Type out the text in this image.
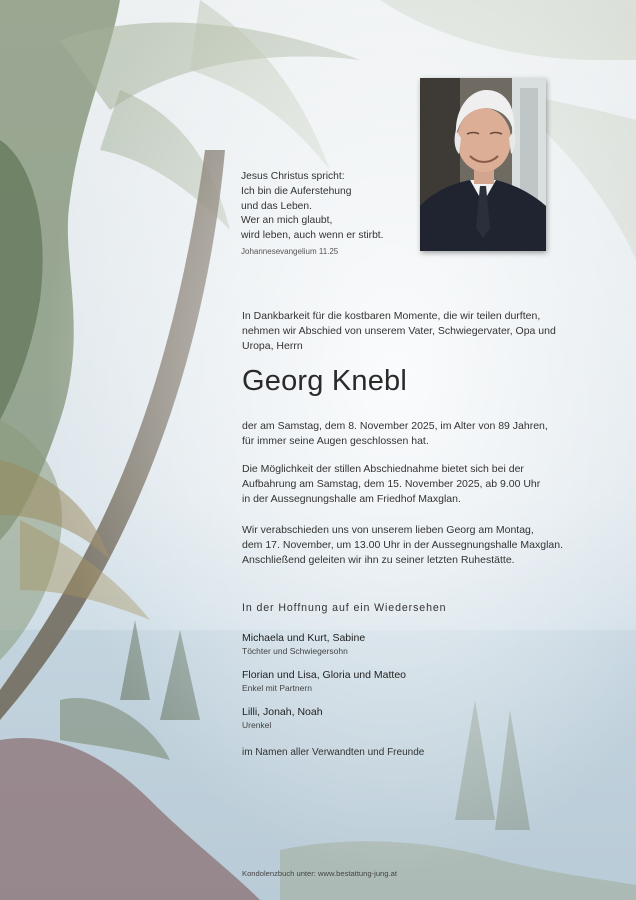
Jesus Christus spricht:
Ich bin die Auferstehung
und das Leben.
Wer an mich glaubt,
wird leben, auch wenn er stirbt.
Johannesevangelium 11.25
In Dankbarkeit für die kostbaren Momente, die wir teilen durften,
nehmen wir Abschied von unserem Vater, Schwiegervater, Opa und
Uropa, Herrn
Georg Knebl
der am Samstag, dem 8. November 2025, im Alter von 89 Jahren,
für immer seine Augen geschlossen hat.
Die Möglichkeit der stillen Abschiednahme bietet sich bei der
Aufbahrung am Samstag, dem 15. November 2025, ab 9.00 Uhr
in der Aussegnungshalle am Friedhof Maxglan.
Wir verabschieden uns von unserem lieben Georg am Montag,
dem 17. November, um 13.00 Uhr in der Aussegnungshalle Maxglan.
Anschließend geleiten wir ihn zu seiner letzten Ruhestätte.
In der Hoffnung auf ein Wiedersehen
Michaela und Kurt, Sabine
Töchter und Schwiegersohn
Florian und Lisa, Gloria und Matteo
Enkel mit Partnern
Lilli, Jonah, Noah
Urenkel
im Namen aller Verwandten und Freunde
Kondolenzbuch unter: www.bestattung-jung.at
